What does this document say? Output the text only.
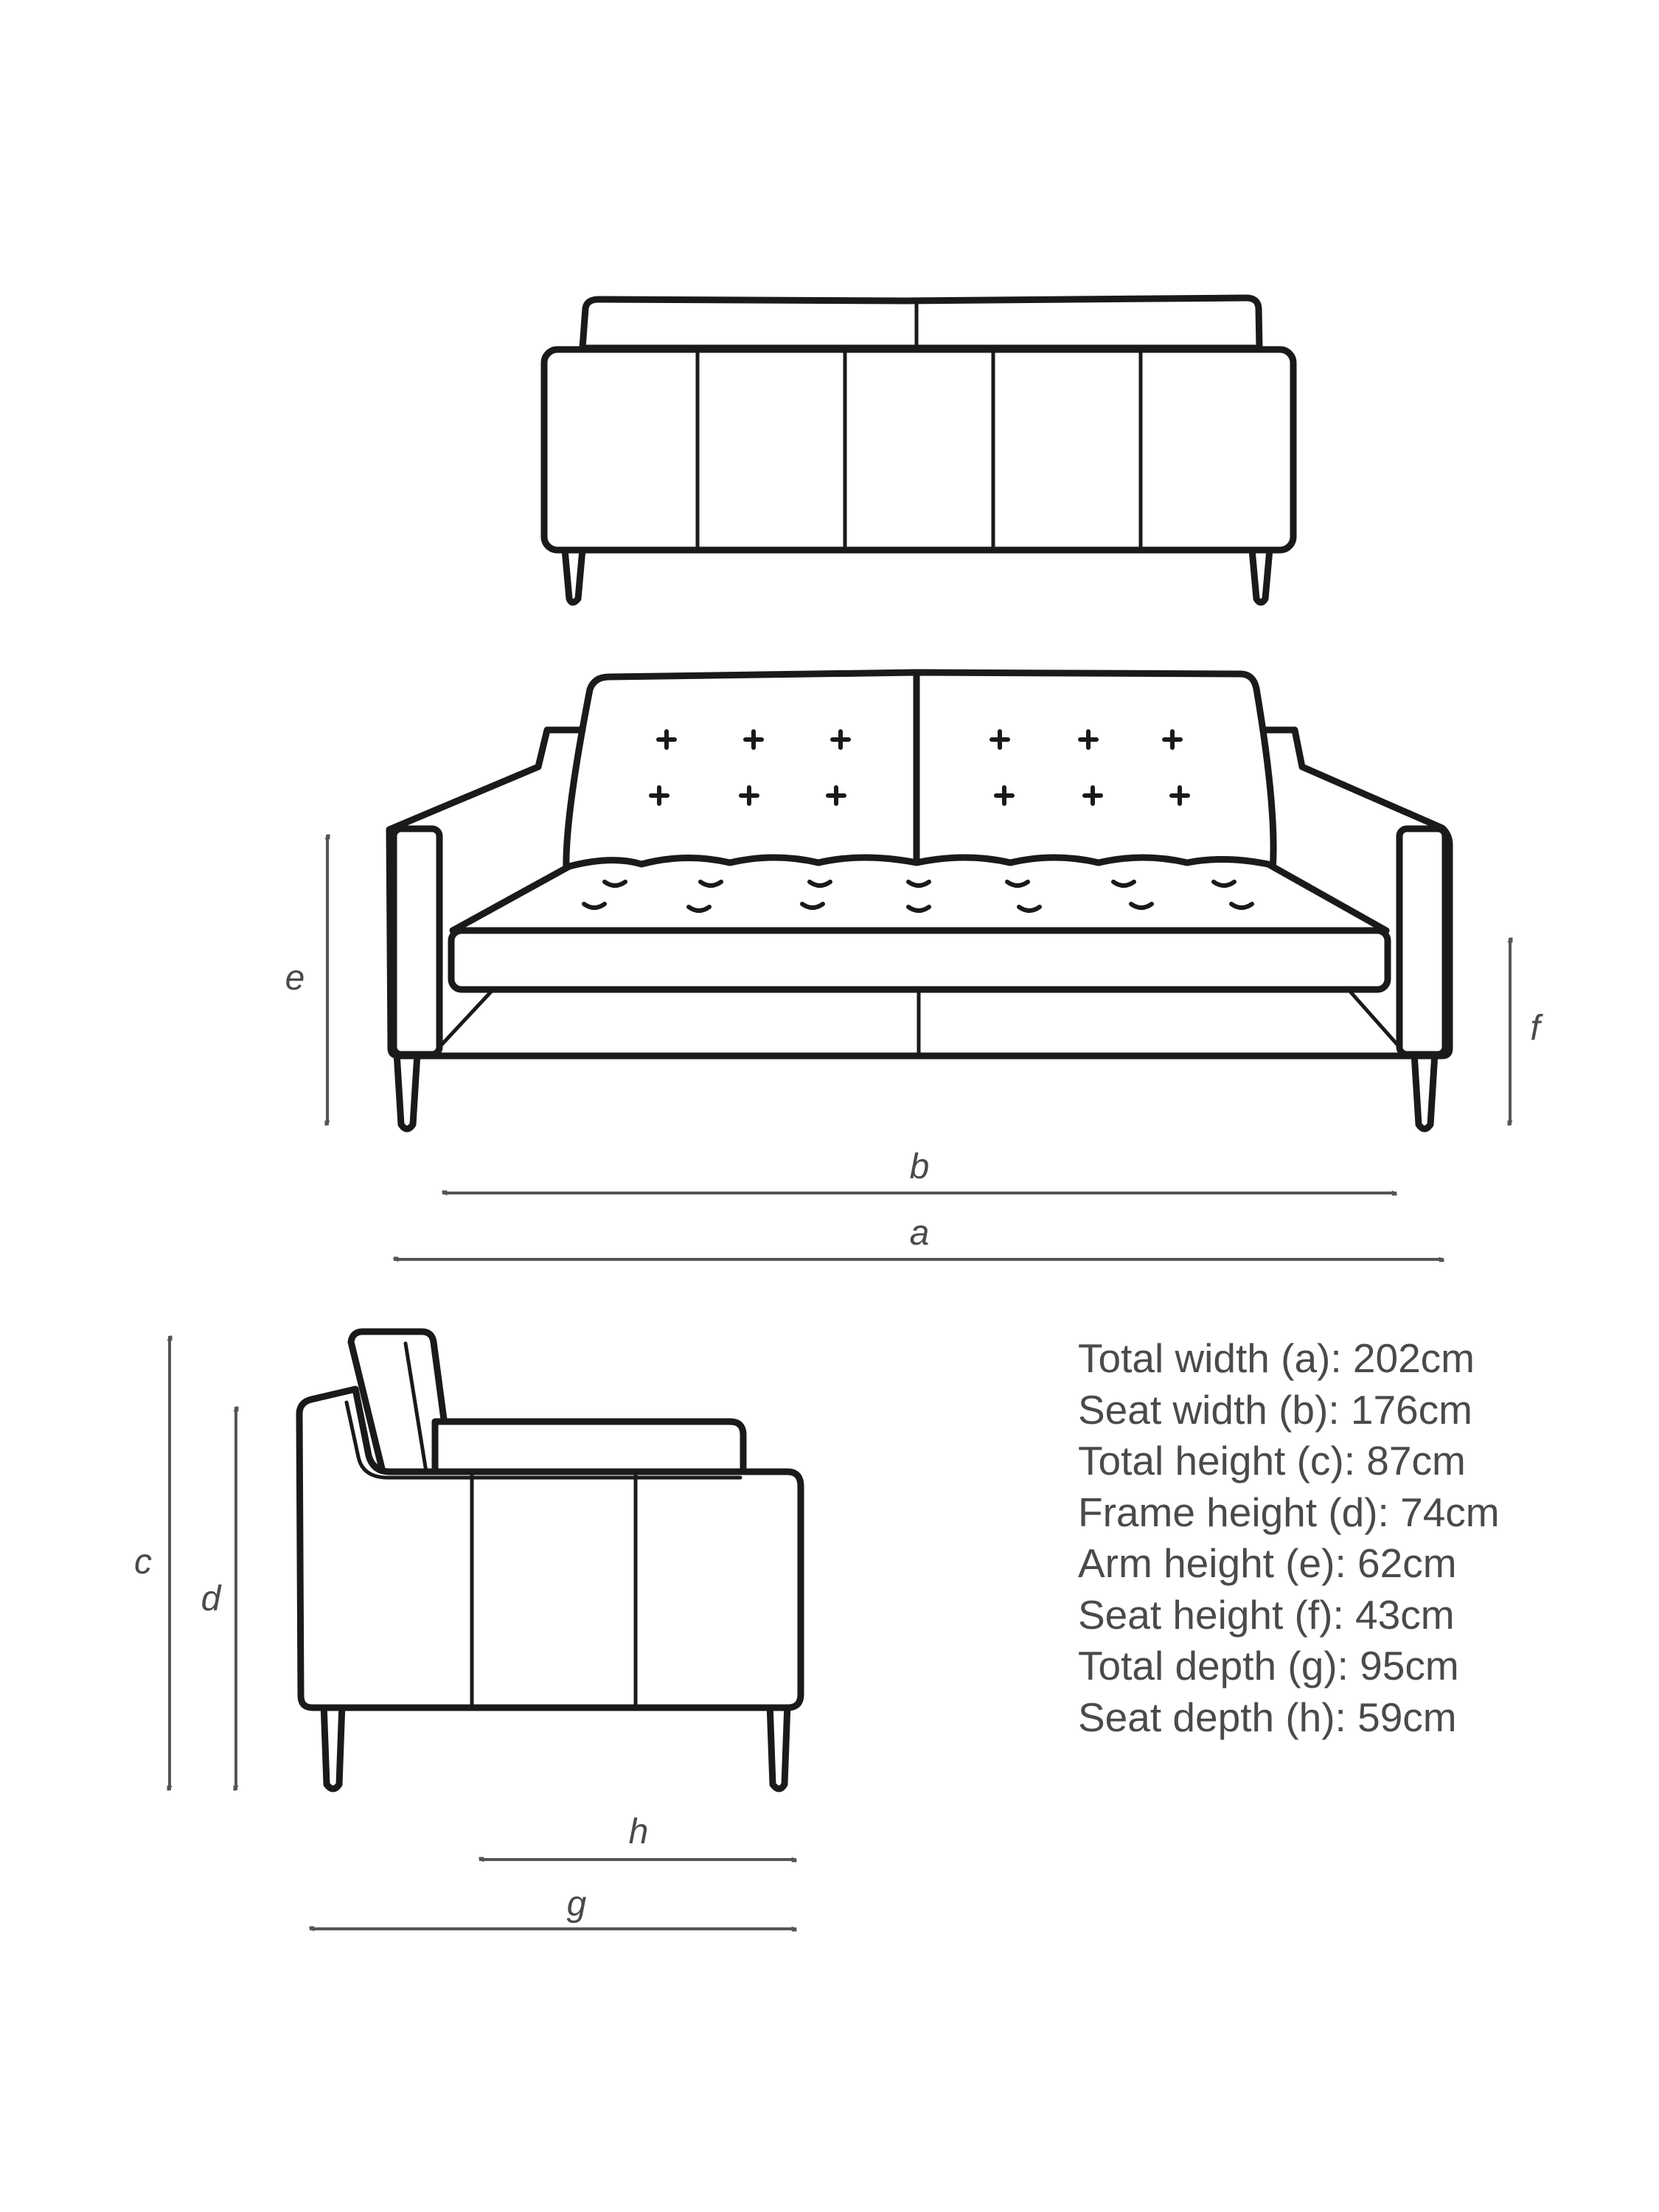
e
f
b
a
c
d
h
g
Total width (a): 202cm
Seat width (b): 176cm
Total height (c): 87cm
Frame height (d): 74cm
Arm height (e): 62cm
Seat height (f): 43cm
Total depth (g): 95cm
Seat depth (h): 59cm
